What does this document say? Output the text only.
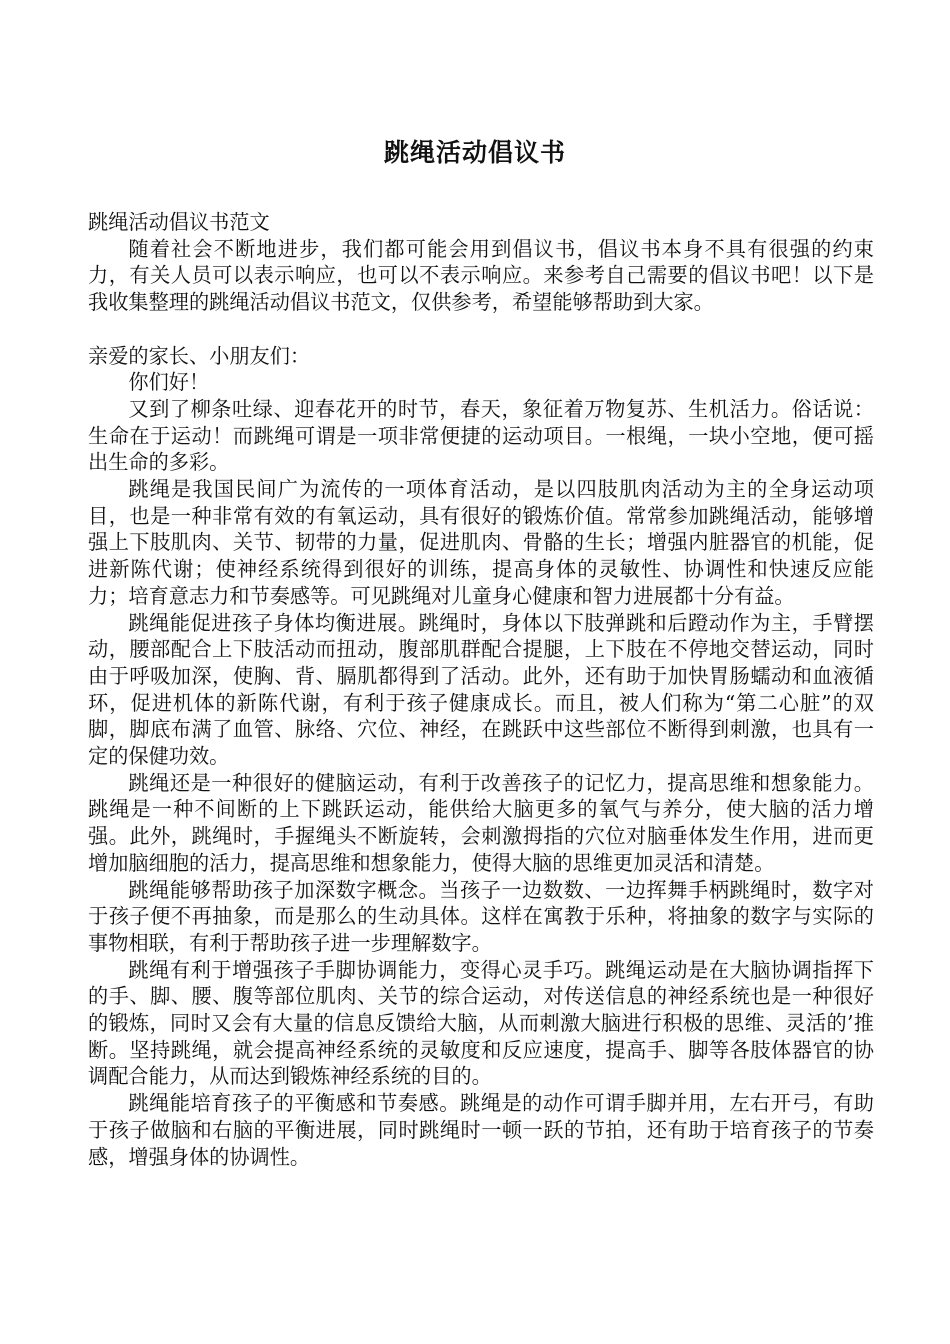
跳绳活动倡议书

跳绳活动倡议书范文

随着社会不断地进步，我们都可能会用到倡议书，倡议书本身不具有很强的约束力，有关人员可以表示响应，也可以不表示响应。来参考自己需要的倡议书吧！以下是我收集整理的跳绳活动倡议书范文，仅供参考，希望能够帮助到大家。

亲爱的家长、小朋友们：

你们好！

又到了柳条吐绿、迎春花开的时节，春天，象征着万物复苏、生机活力。俗话说：生命在于运动！而跳绳可谓是一项非常便捷的运动项目。一根绳，一块小空地，便可摇出生命的多彩。

跳绳是我国民间广为流传的一项体育活动，是以四肢肌肉活动为主的全身运动项目，也是一种非常有效的有氧运动，具有很好的锻炼价值。常常参加跳绳活动，能够增强上下肢肌肉、关节、韧带的力量，促进肌肉、骨骼的生长；增强内脏器官的机能，促进新陈代谢；使神经系统得到很好的训练，提高身体的灵敏性、协调性和快速反应能力；培育意志力和节奏感等。可见跳绳对儿童身心健康和智力进展都十分有益。

跳绳能促进孩子身体均衡进展。跳绳时，身体以下肢弹跳和后蹬动作为主，手臂摆动，腰部配合上下肢活动而扭动，腹部肌群配合提腿，上下肢在不停地交替运动，同时由于呼吸加深，使胸、背、膈肌都得到了活动。此外，还有助于加快胃肠蠕动和血液循环，促进机体的新陈代谢，有利于孩子健康成长。而且，被人们称为“第二心脏”的双脚，脚底布满了血管、脉络、穴位、神经，在跳跃中这些部位不断得到刺激，也具有一定的保健功效。

跳绳还是一种很好的健脑运动，有利于改善孩子的记忆力，提高思维和想象能力。跳绳是一种不间断的上下跳跃运动，能供给大脑更多的氧气与养分，使大脑的活力增强。此外，跳绳时，手握绳头不断旋转，会刺激拇指的穴位对脑垂体发生作用，进而更增加脑细胞的活力，提高思维和想象能力，使得大脑的思维更加灵活和清楚。

跳绳能够帮助孩子加深数字概念。当孩子一边数数、一边挥舞手柄跳绳时，数字对于孩子便不再抽象，而是那么的生动具体。这样在寓教于乐种，将抽象的数字与实际的事物相联，有利于帮助孩子进一步理解数字。

跳绳有利于增强孩子手脚协调能力，变得心灵手巧。跳绳运动是在大脑协调指挥下的手、脚、腰、腹等部位肌肉、关节的综合运动，对传送信息的神经系统也是一种很好的锻炼，同时又会有大量的信息反馈给大脑，从而刺激大脑进行积极的思维、灵活的’推断。坚持跳绳，就会提高神经系统的灵敏度和反应速度，提高手、脚等各肢体器官的协调配合能力，从而达到锻炼神经系统的目的。

跳绳能培育孩子的平衡感和节奏感。跳绳是的动作可谓手脚并用，左右开弓，有助于孩子做脑和右脑的平衡进展，同时跳绳时一顿一跃的节拍，还有助于培育孩子的节奏感，增强身体的协调性。
